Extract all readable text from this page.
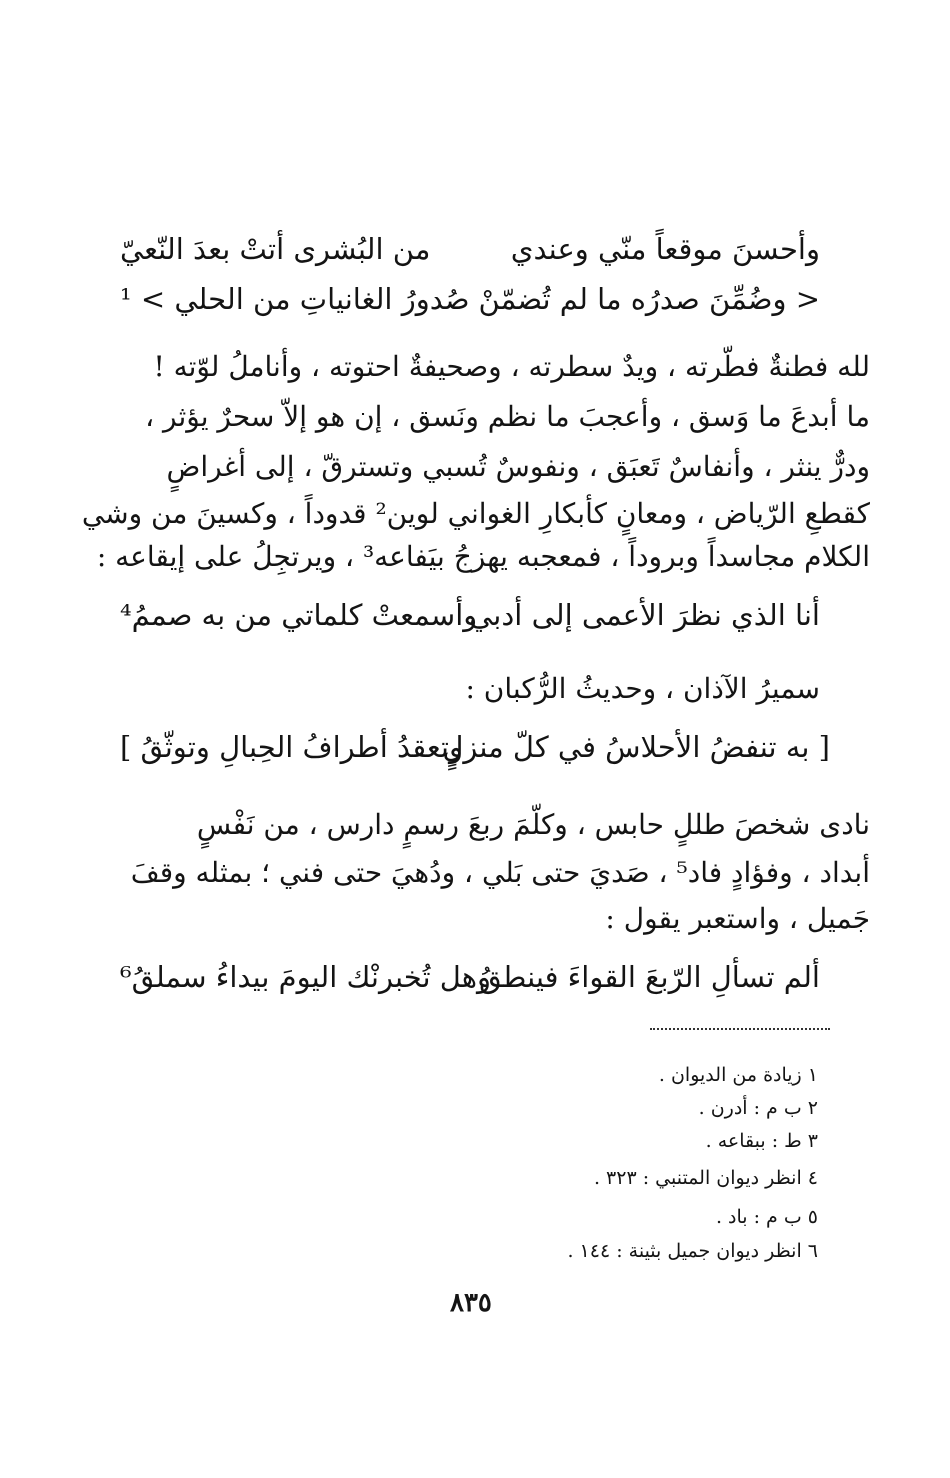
وأحسنَ موقعاً منّي وعندي
من البُشرى أتتْ بعدَ النّعيّ
< وضُمِّنَ صدرُه ما لم تُضمّنْ
صُدورُ الغانياتِ من الحلي > ¹
لله فطنةٌ فطّرته ، ويدٌ سطرته ، وصحيفةٌ احتوته ، وأناملُ لوّته !
ما أبدعَ ما وَسق ، وأعجبَ ما نظم ونَسق ، إن هو إلاّ سحرٌ يؤثر ،
ودرٌّ ينثر ، وأنفاسٌ تَعبَق ، ونفوسٌ تُسبي وتسترقّ ، إلى أغراضٍ
كقطعِ الرّياض ، ومعانٍ كأبكارِ الغواني لوين² قدوداً ، وكسينَ من وشي
الكلام مجاسداً وبروداً ، فمعجبه يهزجُ بيَفاعه³ ، ويرتجِلُ على إيقاعه :
أنا الذي نظرَ الأعمى إلى أدبي
وأسمعتْ كلماتي من به صممُ⁴
سميرُ الآذان ، وحديثُ الرُّكبان :
[ به تنفضُ الأحلاسُ في كلّ منزلٍ
وتعقدُ أطرافُ الحِبالِ وتوثّقُ ]
نادى شخصَ طللٍ حابس ، وكلّمَ ربعَ رسمٍ دارس ، من نَفْسٍ
أبداد ، وفؤادٍ فاد⁵ ، صَديَ حتى بَلي ، ودُهيَ حتى فني ؛ بمثله وقفَ
جَميل ، واستعبر يقول :
ألم تسألِ الرّبعَ القواءَ فينطقُ
وهل تُخبرنْك اليومَ بيداءُ سملقُ⁶
١ زيادة من الديوان .
٢ ب م : أدرن .
٣ ط : ببقاعه .
٤ انظر ديوان المتنبي : ٣٢٣ .
٥ ب م : باد .
٦ انظر ديوان جميل بثينة : ١٤٤ .
٨٣٥
